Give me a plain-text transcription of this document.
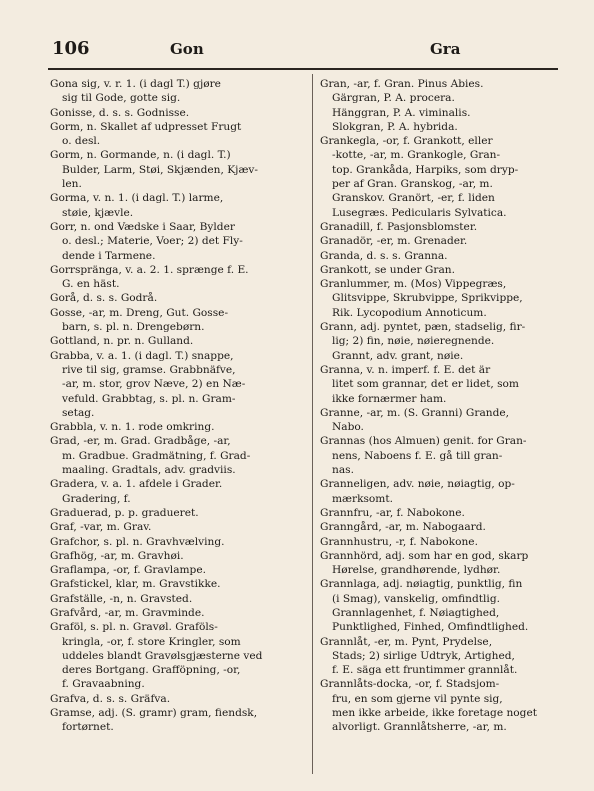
106	Gon	Gra
Gona sig, v. r. 1. (i dagl T.) gjøre
sig til Gode, gotte sig.
Gonisse, d. s. s. Godnisse.
Gorm, n. Skallet af udpresset Frugt
o. desl.
Gorm, n. Gormande, n. (i dagl. T.)
Bulder, Larm, Støi, Skjænden, Kjæv-
len.
Gorma, v. n. 1. (i dagl. T.) larme,
støie, kjævle.
Gorr, n. ond Vædske i Saar, Bylder
o. desl.; Materie, Voer; 2) det Fly-
dende i Tarmene.
Gorrspränga, v. a. 2. 1. sprænge f. E.
G. en häst.
Gorå, d. s. s. Godrå.
Gosse, -ar, m. Dreng, Gut. Gosse-
barn, s. pl. n. Drengebørn.
Gottland, n. pr. n. Gulland.
Grabba, v. a. 1. (i dagl. T.) snappe,
rive til sig, gramse. Grabbnäfve,
-ar, m. stor, grov Næve, 2) en Næ-
vefuld. Grabbtag, s. pl. n. Gram-
setag.
Grabbla, v. n. 1. rode omkring.
Grad, -er, m. Grad. Gradbåge, -ar,
m. Gradbue. Gradmätning, f. Grad-
maaling. Gradtals, adv. gradviis.
Gradera, v. a. 1. afdele i Grader.
Gradering, f.
Graduerad, p. p. gradueret.
Graf, -var, m. Grav.
Grafchor, s. pl. n. Gravhvælving.
Grafhög, -ar, m. Gravhøi.
Graflampa, -or, f. Gravlampe.
Grafstickel, klar, m. Gravstikke.
Grafställe, -n, n. Gravsted.
Grafvård, -ar, m. Gravminde.
Graföl, s. pl. n. Gravøl. Graföls-
kringla, -or, f. store Kringler, som
uddeles blandt Gravølsgjæsterne ved
deres Bortgang. Grafföpning, -or,
f. Gravaabning.
Grafva, d. s. s. Gräfva.
Gramse, adj. (S. gramr) gram, fiendsk,
fortørnet.
Gran, -ar, f. Gran. Pinus Abies.
Gärgran, P. A. procera.
Hänggran, P. A. viminalis.
Slokgran, P. A. hybrida.
Grankegla, -or, f. Grankott, eller
-kotte, -ar, m. Grankogle, Gran-
top. Grankåda, Harpiks, som dryp-
per af Gran. Granskog, -ar, m.
Granskov. Granört, -er, f. liden
Lusegræs. Pedicularis Sylvatica.
Granadill, f. Pasjonsblomster.
Granadör, -er, m. Grenader.
Granda, d. s. s. Granna.
Grankott, se under Gran.
Granlummer, m. (Mos) Vippegræs,
Glitsvippe, Skrubvippe, Sprikvippe,
Rik. Lycopodium Annoticum.
Grann, adj. pyntet, pæn, stadselig, fir-
lig; 2) fin, nøie, nøieregnende.
Grannt, adv. grant, nøie.
Granna, v. n. imperf. f. E. det är
litet som grannar, det er lidet, som
ikke fornærmer ham.
Granne, -ar, m. (S. Granni) Grande,
Nabo.
Grannas (hos Almuen) genit. for Gran-
nens, Naboens f. E. gå till gran-
nas.
Granneligen, adv. nøie, nøiagtig, op-
mærksomt.
Grannfru, -ar, f. Nabokone.
Granngård, -ar, m. Nabogaard.
Grannhustru, -r, f. Nabokone.
Grannhörd, adj. som har en god, skarp
Hørelse, grandhørende, lydhør.
Grannlaga, adj. nøiagtig, punktlig, fin
(i Smag), vanskelig, omfindtlig.
Grannlagenhet, f. Nøiagtighed,
Punktlighed, Finhed, Omfindtlighed.
Grannlåt, -er, m. Pynt, Prydelse,
Stads; 2) sirlige Udtryk, Artighed,
f. E. säga ett fruntimmer grannlåt.
Grannlåts-docka, -or, f. Stadsjom-
fru, en som gjerne vil pynte sig,
men ikke arbeide, ikke foretage noget
alvorligt. Grannlåtsherre, -ar, m.
